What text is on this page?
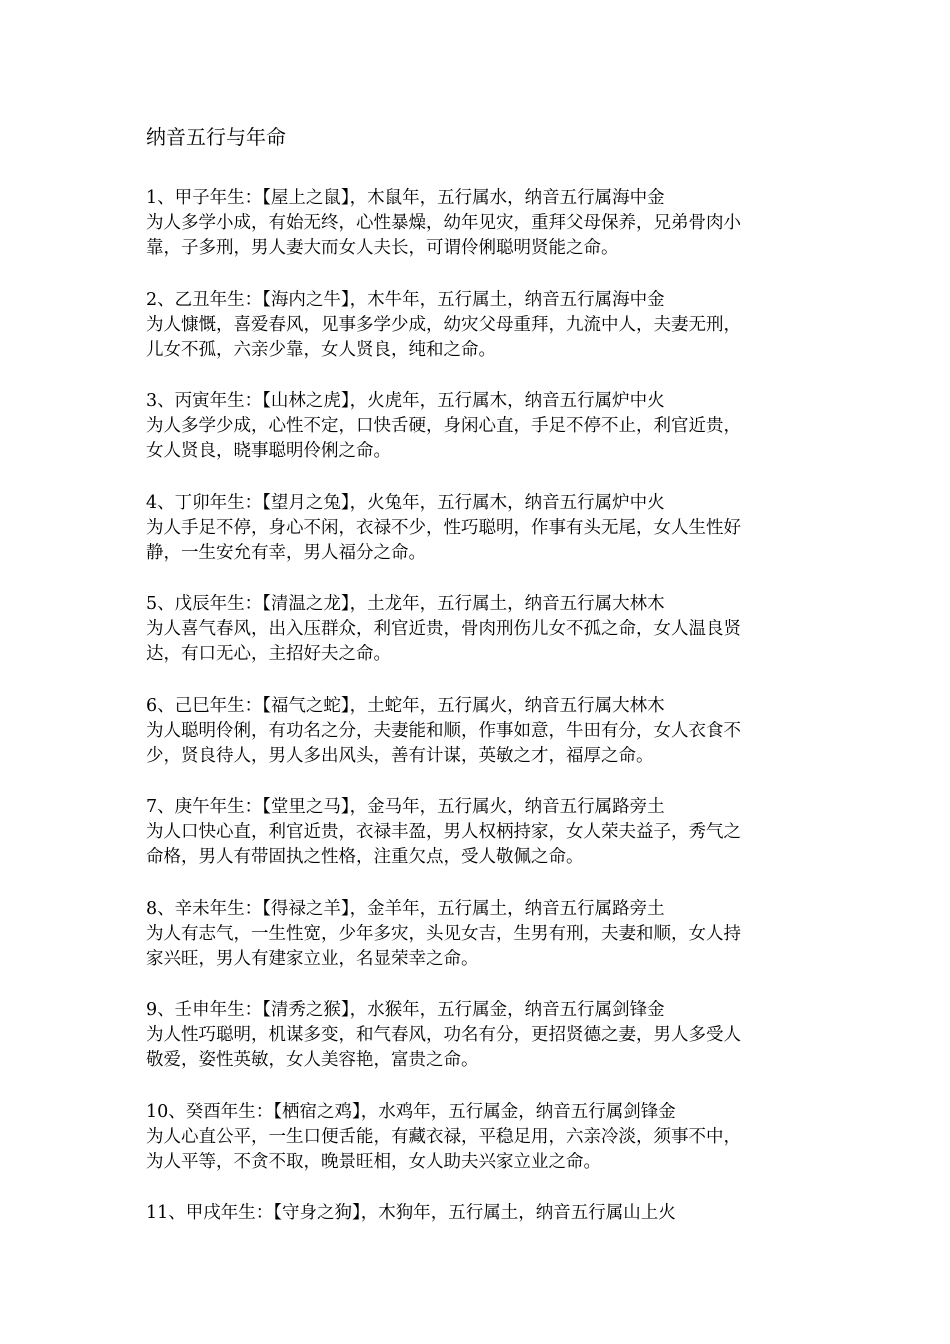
纳音五行与年命
1、甲子年生：【屋上之鼠】，木鼠年，五行属水，纳音五行属海中金
为人多学小成，有始无终，心性暴燥，幼年见灾，重拜父母保养，兄弟骨肉小
靠，子多刑，男人妻大而女人夫长，可谓伶俐聪明贤能之命。
2、乙丑年生：【海内之牛】，木牛年，五行属土，纳音五行属海中金
为人慷慨，喜爱春风，见事多学少成，幼灾父母重拜，九流中人，夫妻无刑，
儿女不孤，六亲少靠，女人贤良，纯和之命。
3、丙寅年生：【山林之虎】，火虎年，五行属木，纳音五行属炉中火
为人多学少成，心性不定，口快舌硬，身闲心直，手足不停不止，利官近贵，
女人贤良，晓事聪明伶俐之命。
4、丁卯年生：【望月之兔】，火兔年，五行属木，纳音五行属炉中火
为人手足不停，身心不闲，衣禄不少，性巧聪明，作事有头无尾，女人生性好
静，一生安允有幸，男人福分之命。
5、戊辰年生：【清温之龙】，土龙年，五行属土，纳音五行属大林木
为人喜气春风，出入压群众，利官近贵，骨肉刑伤儿女不孤之命，女人温良贤
达，有口无心，主招好夫之命。
6、己巳年生：【福气之蛇】，土蛇年，五行属火，纳音五行属大林木
为人聪明伶俐，有功名之分，夫妻能和顺，作事如意，牛田有分，女人衣食不
少，贤良待人，男人多出风头，善有计谋，英敏之才，福厚之命。
7、庚午年生：【堂里之马】，金马年，五行属火，纳音五行属路旁土
为人口快心直，利官近贵，衣禄丰盈，男人权柄持家，女人荣夫益子，秀气之
命格，男人有带固执之性格，注重欠点，受人敬佩之命。
8、辛未年生：【得禄之羊】，金羊年，五行属土，纳音五行属路旁土
为人有志气，一生性宽，少年多灾，头见女吉，生男有刑，夫妻和顺，女人持
家兴旺，男人有建家立业，名显荣幸之命。
9、壬申年生：【清秀之猴】，水猴年，五行属金，纳音五行属剑锋金
为人性巧聪明，机谋多变，和气春风，功名有分，更招贤德之妻，男人多受人
敬爱，姿性英敏，女人美容艳，富贵之命。
10、癸酉年生：【栖宿之鸡】，水鸡年，五行属金，纳音五行属剑锋金
为人心直公平，一生口便舌能，有藏衣禄，平稳足用，六亲冷淡，须事不中，
为人平等，不贪不取，晚景旺相，女人助夫兴家立业之命。
11、甲戌年生：【守身之狗】，木狗年，五行属土，纳音五行属山上火
